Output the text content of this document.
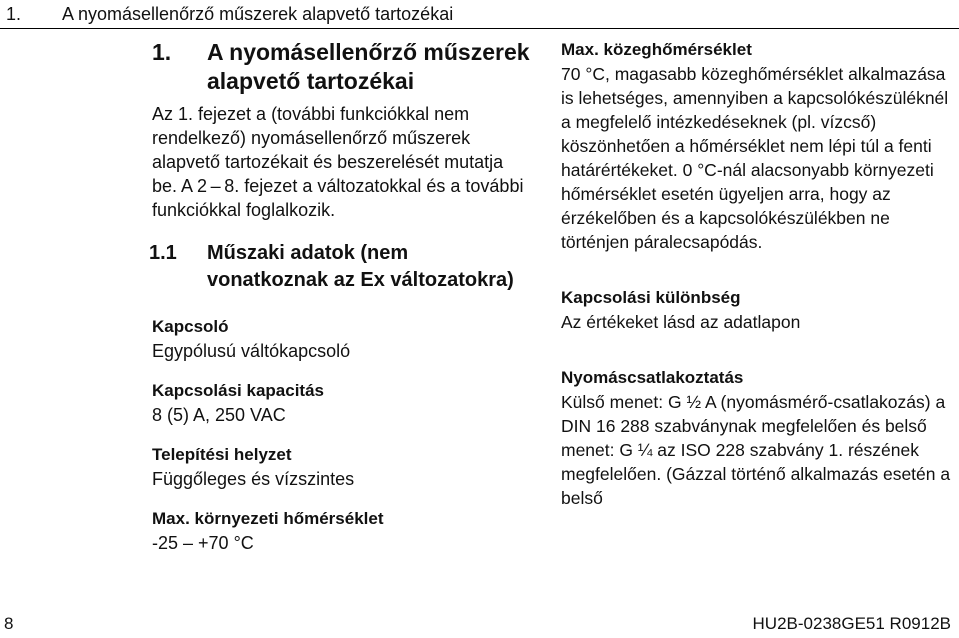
1. A nyomásellenőrző műszerek alapvető tartozékai
1.	A nyomásellenőrző műszerek alapvető tartozékai

Az 1. fejezet a (további funkciókkal nem rendelkező) nyomásellenőrző műszerek alapvető tartozékait és beszerelését mutatja be. A 2 – 8. fejezet a változatokkal és a további funkciókkal foglalkozik.

1.1	Műszaki adatok (nem vonatkoznak az Ex változatokra)
Kapcsoló
Egypólusú váltókapcsoló
Kapcsolási kapacitás
8 (5) A, 250 VAC
Telepítési helyzet
Függőleges és vízszintes
Max. környezeti hőmérséklet
-25 – +70 °C
Max. közeghőmérséklet
70 °C, magasabb közeghőmérséklet alkalmazása is lehetséges, amennyiben a kapcsolókészüléknél a megfelelő intézkedéseknek (pl. vízcső) köszönhetően a hőmérséklet nem lépi túl a fenti határértékeket. 0 °C-nál alacsonyabb környezeti hőmérséklet esetén ügyeljen arra, hogy az érzékelőben és a kapcsolókészülékben ne történjen páralecsapódás.
Kapcsolási különbség
Az értékeket lásd az adatlapon
Nyomáscsatlakoztatás
Külső menet: G ½ A (nyomásmérő-csatlakozás) a DIN 16 288 szabványnak megfelelően és belső menet: G ¼ az ISO 228 szabvány 1. részének megfelelően. (Gázzal történő alkalmazás esetén a belső
8	HU2B-0238GE51 R0912B
